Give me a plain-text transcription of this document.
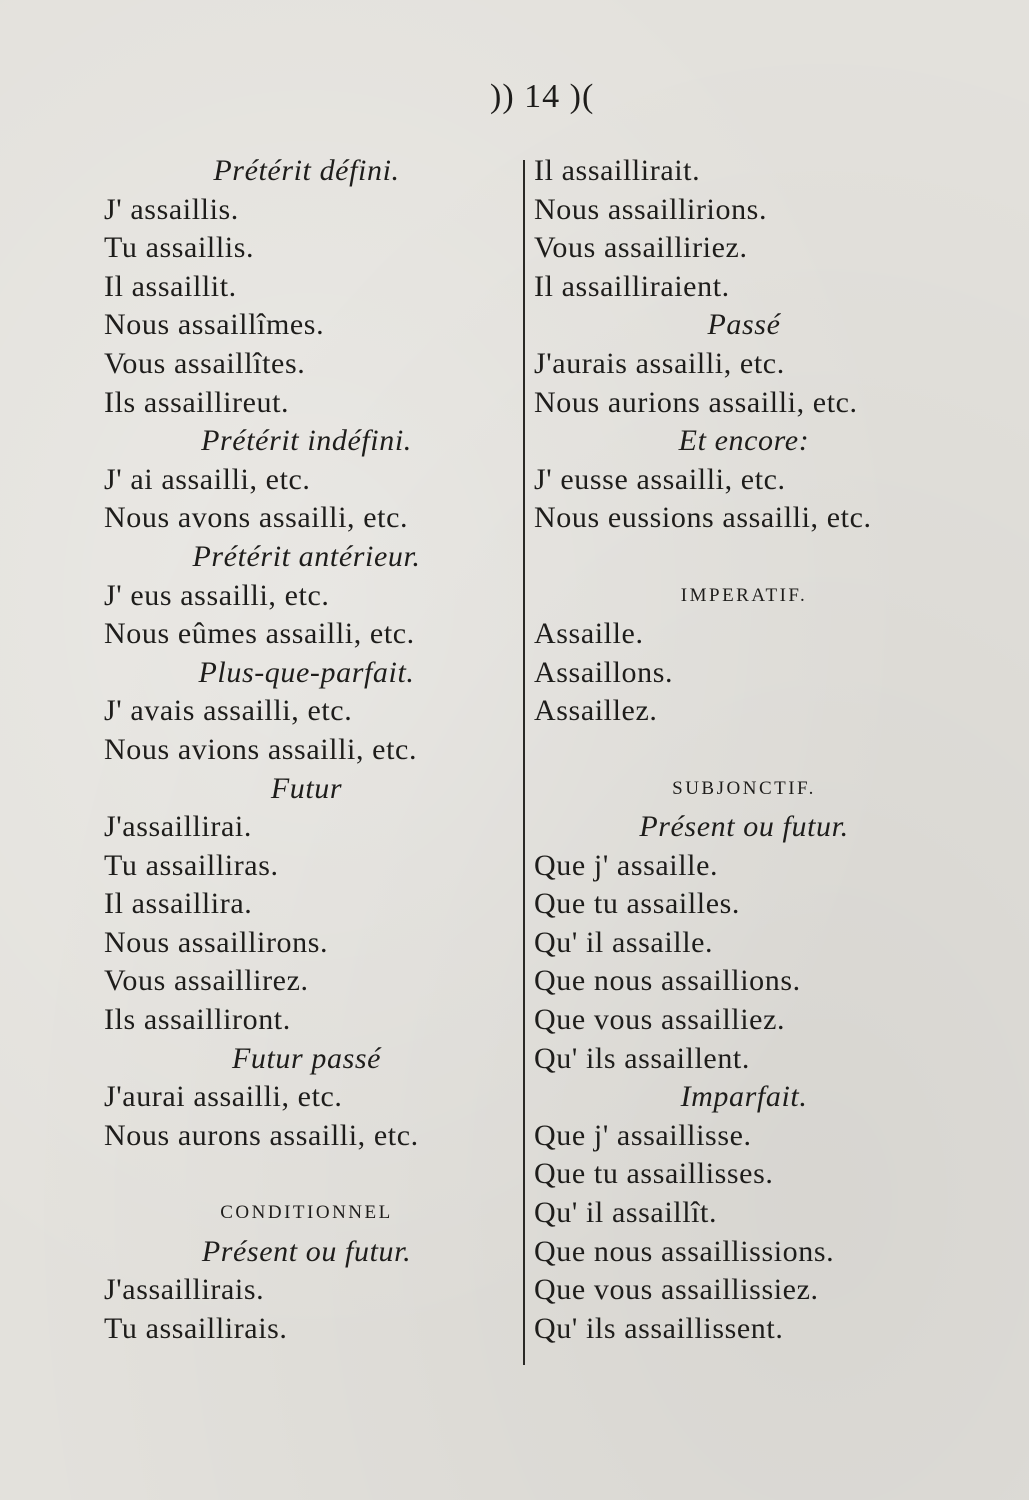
)) 14 )(
Prétérit défini.
J' assaillis.
Tu assaillis.
Il assaillit.
Nous assaillîmes.
Vous assaillîtes.
Ils assaillireut.
Prétérit indéfini.
J' ai assailli, etc.
Nous avons assailli, etc.
Prétérit antérieur.
J' eus assailli, etc.
Nous eûmes assailli, etc.
Plus-que-parfait.
J' avais assailli, etc.
Nous avions assailli, etc.
Futur
J'assaillirai.
Tu assailliras.
Il assaillira.
Nous assaillirons.
Vous assaillirez.
Ils assailliront.
Futur passé
J'aurai assailli, etc.
Nous aurons assailli, etc.
CONDITIONNEL
Présent ou futur.
J'assaillirais.
Tu assaillirais.
Il assaillirait.
Nous assaillirions.
Vous assailliriez.
Il assailliraient.
Passé
J'aurais assailli, etc.
Nous aurions assailli, etc.
Et encore:
J' eusse assailli, etc.
Nous eussions assailli, etc.
IMPERATIF.
Assaille.
Assaillons.
Assaillez.
SUBJONCTIF.
Présent ou futur.
Que j' assaille.
Que tu assailles.
Qu' il assaille.
Que nous assaillions.
Que vous assailliez.
Qu' ils assaillent.
Imparfait.
Que j' assaillisse.
Que tu assaillisses.
Qu' il assaillît.
Que nous assaillissions.
Que vous assaillissiez.
Qu' ils assaillissent.
